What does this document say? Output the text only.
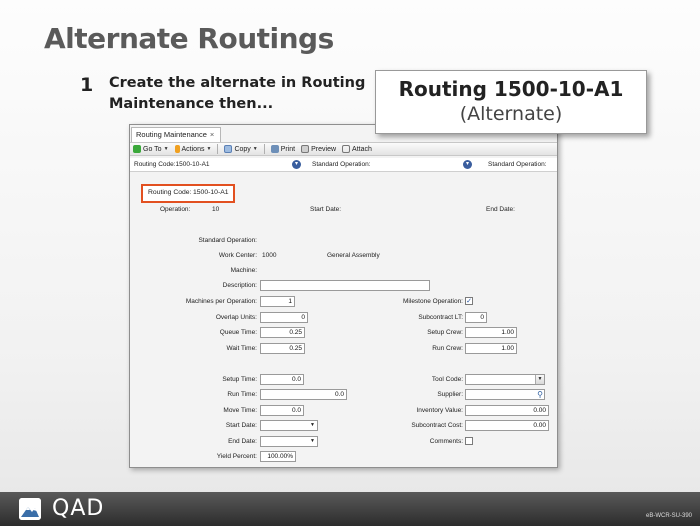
Alternate Routings
1 Create the alternate in Routing Maintenance then...
Routing 1500-10-A1
(Alternate)
Routing Maintenance ×
Go To ▼ Actions ▼	Copy ▼	Print Preview Attach
Routing Code:1500-10-A1	▾	Standard Operation:	▾	Standard Operation:
Routing Code: 1500-10-A1
Operation:	10	Start Date:	End Date:
Standard Operation:
Work Center: 1000	General Assembly
Machine:
Description:
Machines per Operation:	1	Milestone Operation: ✓
Overlap Units:	0	Subcontract LT:	0
Queue Time:	0.25	Setup Crew:	1.00
Wait Time:	0.25	Run Crew:	1.00
Setup Time:	0.0	Tool Code:	▼
Run Time:	0.0	Supplier:	⚲
Move Time:	0.0	Inventory Value:	0.00
Start Date:	▼	Subcontract Cost:	0.00
End Date:	▼	Comments:
Yield Percent:	100.00%
QAD	eB-WCR-SU-390
